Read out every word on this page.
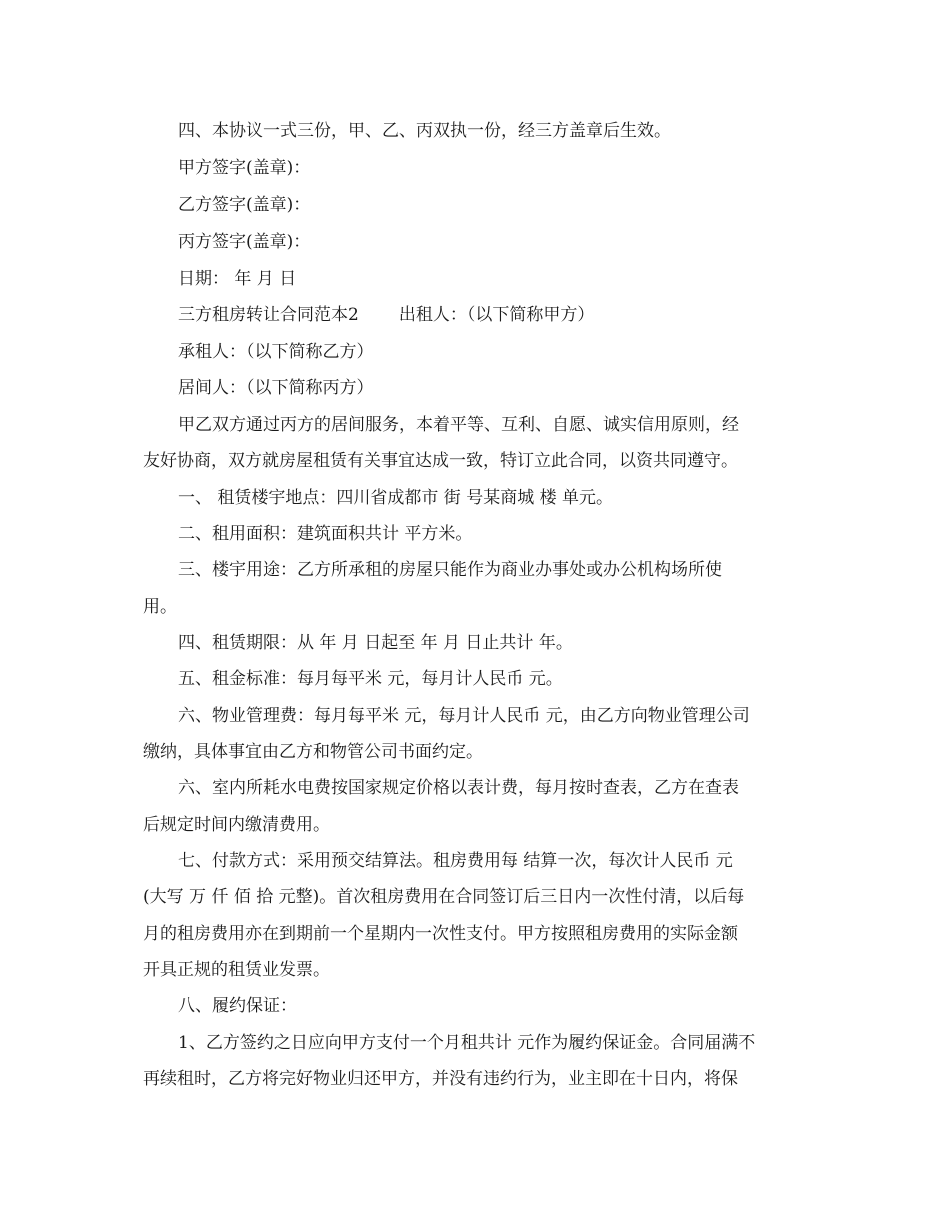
四、本协议一式三份，甲、乙、丙双执一份，经三方盖章后生效。

甲方签字(盖章)：

乙方签字(盖章)：

丙方签字(盖章)：

日期： 年 月 日

三方租房转让合同范本2 出租人：（以下简称甲方）

承租人：（以下简称乙方）

居间人：（以下简称丙方）

甲乙双方通过丙方的居间服务，本着平等、互利、自愿、诚实信用原则，经

友好协商，双方就房屋租赁有关事宜达成一致，特订立此合同，以资共同遵守。

一、 租赁楼宇地点：四川省成都市 街 号某商城 楼 单元。

二、租用面积：建筑面积共计 平方米。

三、楼宇用途：乙方所承租的房屋只能作为商业办事处或办公机构场所使

用。

四、租赁期限：从 年 月 日起至 年 月 日止共计 年。

五、租金标准：每月每平米 元，每月计人民币 元。

六、物业管理费：每月每平米 元，每月计人民币 元，由乙方向物业管理公司

缴纳，具体事宜由乙方和物管公司书面约定。

六、室内所耗水电费按国家规定价格以表计费，每月按时查表，乙方在查表

后规定时间内缴清费用。

七、付款方式：采用预交结算法。租房费用每 结算一次，每次计人民币 元

(大写 万 仟 佰 拾 元整)。首次租房费用在合同签订后三日内一次性付清，以后每

月的租房费用亦在到期前一个星期内一次性支付。甲方按照租房费用的实际金额

开具正规的租赁业发票。

八、履约保证：

1、乙方签约之日应向甲方支付一个月租共计 元作为履约保证金。合同届满不

再续租时，乙方将完好物业归还甲方，并没有违约行为，业主即在十日内，将保
